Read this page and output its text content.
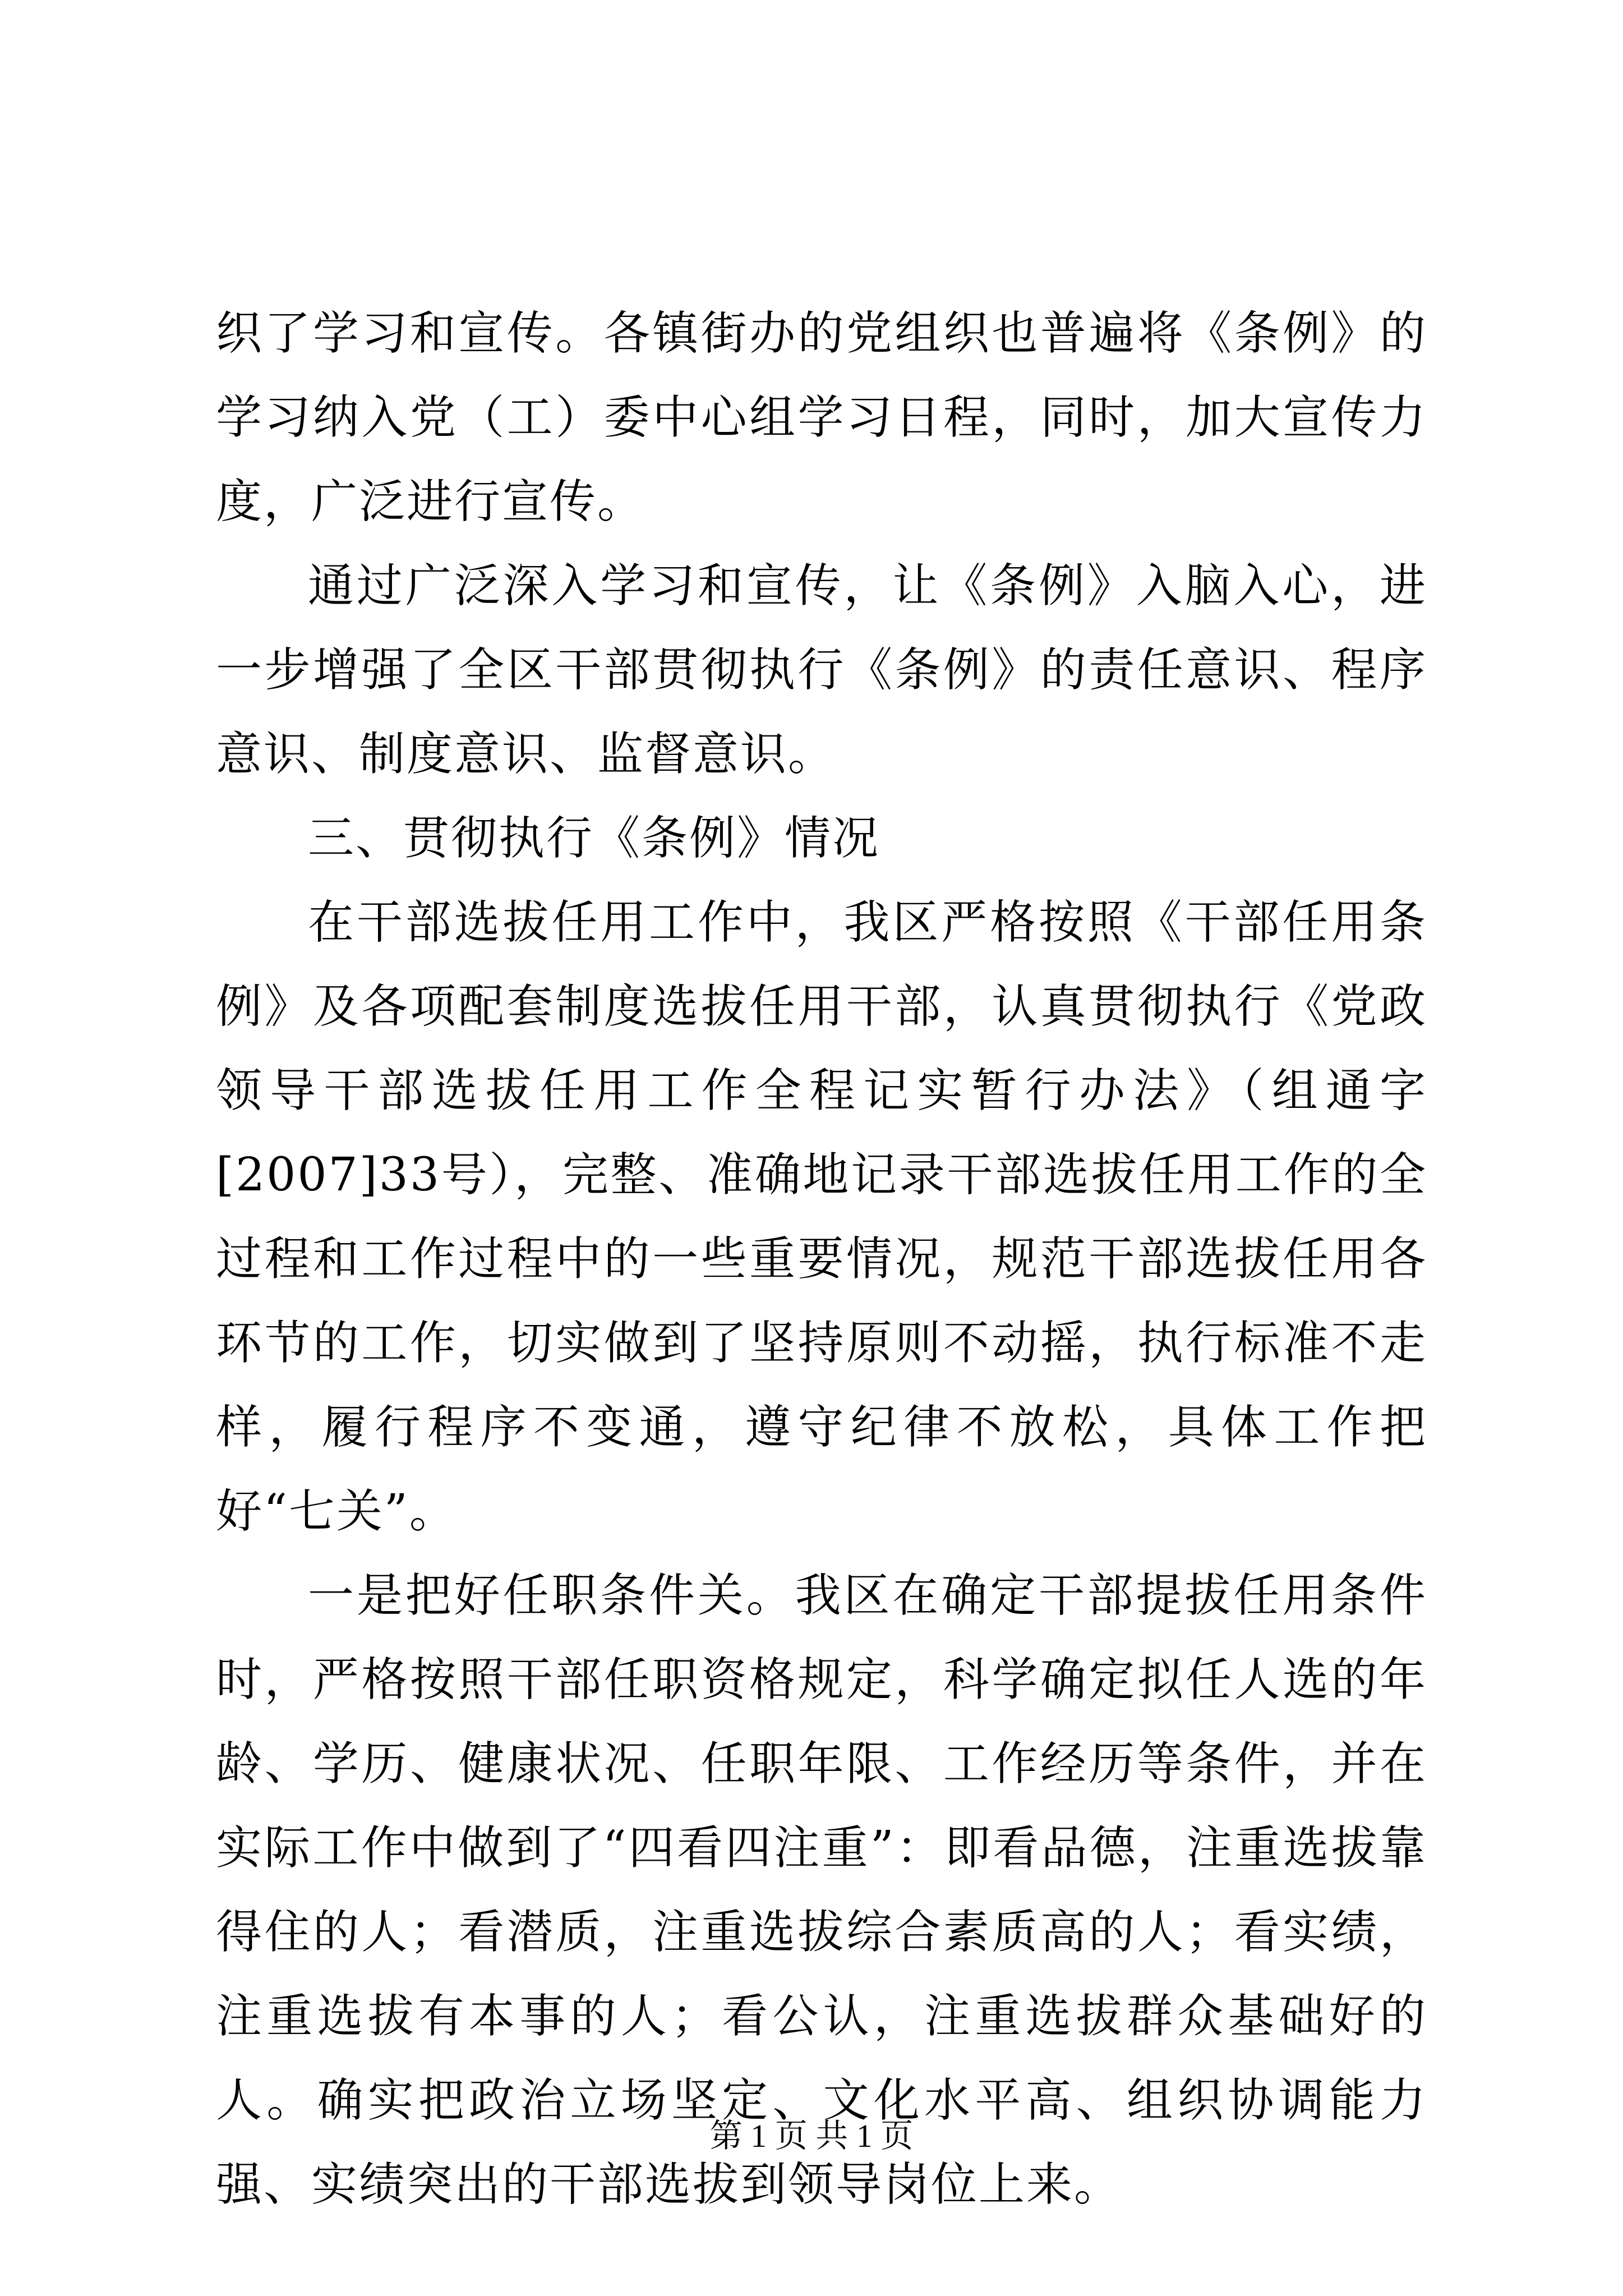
织了学习和宣传。各镇街办的党组织也普遍将《条例》的学习纳入党（工）委中心组学习日程，同时，加大宣传力度，广泛进行宣传。

通过广泛深入学习和宣传，让《条例》入脑入心，进一步增强了全区干部贯彻执行《条例》的责任意识、程序意识、制度意识、监督意识。

三、贯彻执行《条例》情况

在干部选拔任用工作中，我区严格按照《干部任用条例》及各项配套制度选拔任用干部，认真贯彻执行《党政领导干部选拔任用工作全程记实暂行办法》（组通字[2007]33号），完整、准确地记录干部选拔任用工作的全过程和工作过程中的一些重要情况，规范干部选拔任用各环节的工作，切实做到了坚持原则不动摇，执行标准不走样，履行程序不变通，遵守纪律不放松，具体工作把好“七关”。

一是把好任职条件关。我区在确定干部提拔任用条件时，严格按照干部任职资格规定，科学确定拟任人选的年龄、学历、健康状况、任职年限、工作经历等条件，并在实际工作中做到了“四看四注重”：即看品德，注重选拔靠得住的人；看潜质，注重选拔综合素质高的人；看实绩，注重选拔有本事的人；看公认，注重选拔群众基础好的人。确实把政治立场坚定、文化水平高、组织协调能力强、实绩突出的干部选拔到领导岗位上来。

第 1 页 共 1 页
